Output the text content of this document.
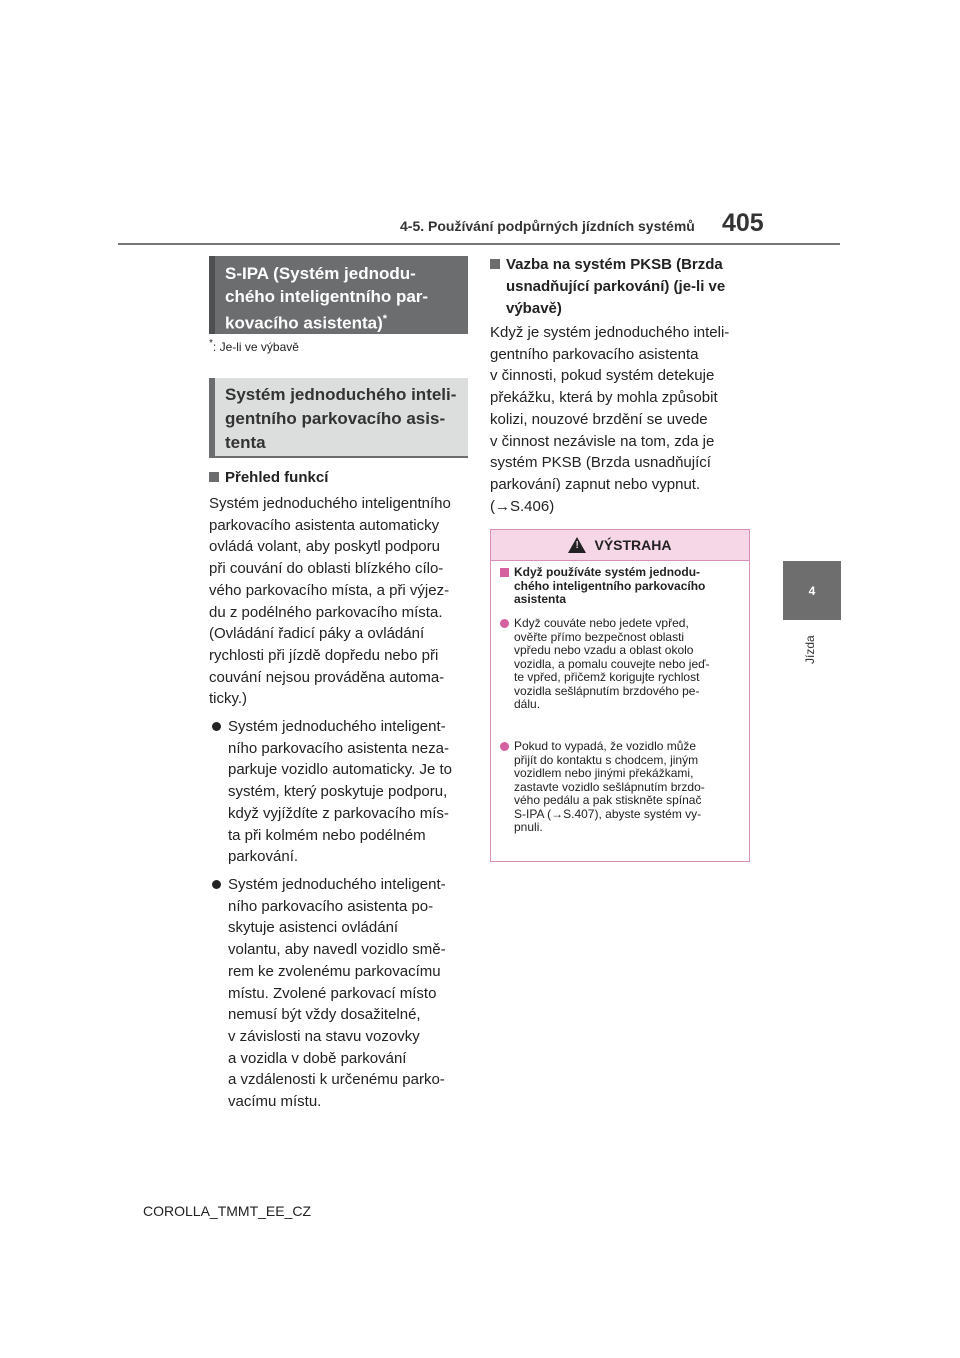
4-5. Používání podpůrných jízdních systémů 405
4
Jízda
S-IPA (Systém jednodu-
chého inteligentního par-
kovacího asistenta)*
*: Je-li ve výbavě
Systém jednoduchého inteli-
gentního parkovacího asis-
tenta
Přehled funkcí
Systém jednoduchého inteligentního
parkovacího asistenta automaticky
ovládá volant, aby poskytl podporu
při couvání do oblasti blízkého cílo-
vého parkovacího místa, a při výjez-
du z podélného parkovacího místa.
(Ovládání řadicí páky a ovládání
rychlosti při jízdě dopředu nebo při
couvání nejsou prováděna automa-
ticky.)
Systém jednoduchého inteligent-
ního parkovacího asistenta neza-
parkuje vozidlo automaticky. Je to
systém, který poskytuje podporu,
když vyjíždíte z parkovacího mís-
ta při kolmém nebo podélném
parkování.
Systém jednoduchého inteligent-
ního parkovacího asistenta po-
skytuje asistenci ovládání
volantu, aby navedl vozidlo smě-
rem ke zvolenému parkovacímu
místu. Zvolené parkovací místo
nemusí být vždy dosažitelné,
v závislosti na stavu vozovky
a vozidla v době parkování
a vzdálenosti k určenému parko-
vacímu místu.
Vazba na systém PKSB (Brzda
usnadňující parkování) (je-li ve
výbavě)
Když je systém jednoduchého inteli-
gentního parkovacího asistenta
v činnosti, pokud systém detekuje
překážku, která by mohla způsobit
kolizi, nouzové brzdění se uvede
v činnost nezávisle na tom, zda je
systém PKSB (Brzda usnadňující
parkování) zapnut nebo vypnut.
(→S.406)
! VÝSTRAHA
Když používáte systém jednodu-
chého inteligentního parkovacího
asistenta
Když couváte nebo jedete vpřed,
ověřte přímo bezpečnost oblasti
vpředu nebo vzadu a oblast okolo
vozidla, a pomalu couvejte nebo jeď-
te vpřed, přičemž korigujte rychlost
vozidla sešlápnutím brzdového pe-
dálu.
Pokud to vypadá, že vozidlo může
přijít do kontaktu s chodcem, jiným
vozidlem nebo jinými překážkami,
zastavte vozidlo sešlápnutím brzdo-
vého pedálu a pak stiskněte spínač
S-IPA (→S.407), abyste systém vy-
pnuli.
COROLLA_TMMT_EE_CZ
